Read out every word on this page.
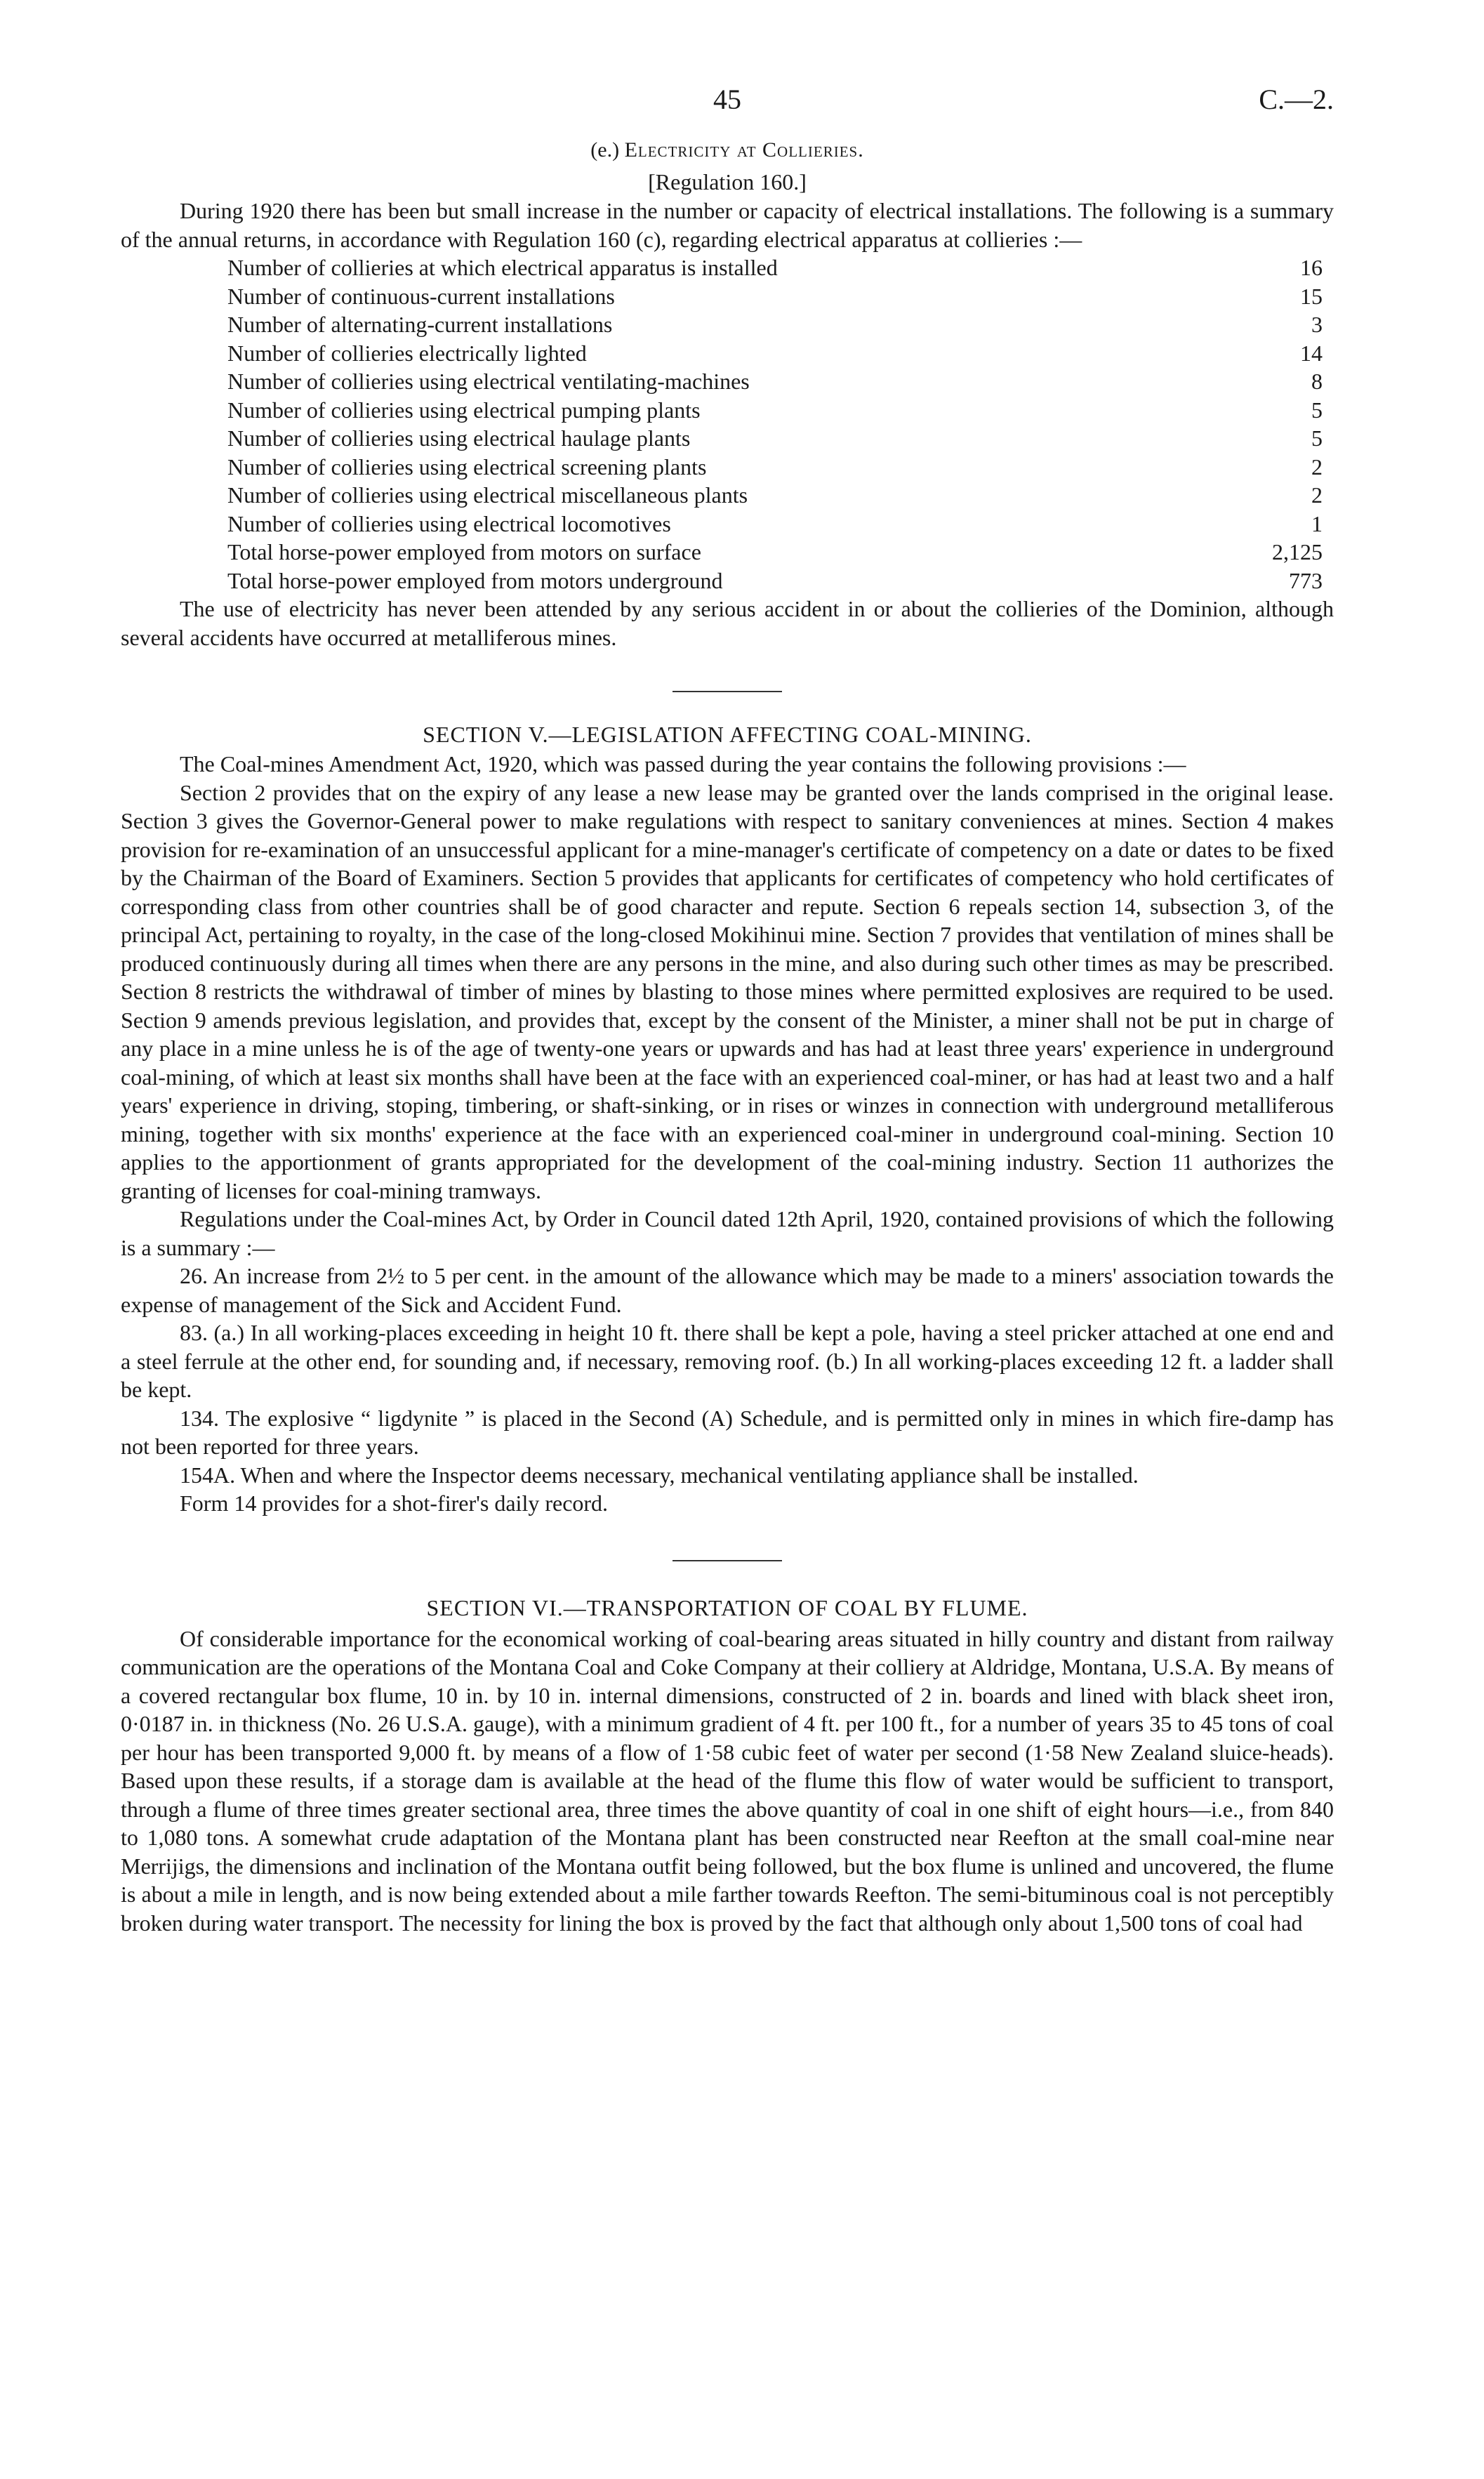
45	C.—2.
(e.) Electricity at Collieries.
[Regulation 160.]

During 1920 there has been but small increase in the number or capacity of electrical installations. The following is a summary of the annual returns, in accordance with Regulation 160 (c), regarding electrical apparatus at collieries :—

Number of collieries at which electrical apparatus is installed	16
Number of continuous-current installations	15
Number of alternating-current installations	3
Number of collieries electrically lighted	14
Number of collieries using electrical ventilating-machines	8
Number of collieries using electrical pumping plants	5
Number of collieries using electrical haulage plants	5
Number of collieries using electrical screening plants	2
Number of collieries using electrical miscellaneous plants	2
Number of collieries using electrical locomotives	1
Total horse-power employed from motors on surface	2,125
Total horse-power employed from motors underground	773

The use of electricity has never been attended by any serious accident in or about the collieries of the Dominion, although several accidents have occurred at metalliferous mines.

SECTION V.—LEGISLATION AFFECTING COAL-MINING.

The Coal-mines Amendment Act, 1920, which was passed during the year contains the following provisions :—

Section 2 provides that on the expiry of any lease a new lease may be granted over the lands comprised in the original lease. Section 3 gives the Governor-General power to make regulations with respect to sanitary conveniences at mines. Section 4 makes provision for re-examination of an unsuccessful applicant for a mine-manager's certificate of competency on a date or dates to be fixed by the Chairman of the Board of Examiners. Section 5 provides that applicants for certificates of competency who hold certificates of corresponding class from other countries shall be of good character and repute. Section 6 repeals section 14, subsection 3, of the principal Act, pertaining to royalty, in the case of the long-closed Mokihinui mine. Section 7 provides that ventilation of mines shall be produced continuously during all times when there are any persons in the mine, and also during such other times as may be prescribed. Section 8 restricts the withdrawal of timber of mines by blasting to those mines where permitted explosives are required to be used. Section 9 amends previous legislation, and provides that, except by the consent of the Minister, a miner shall not be put in charge of any place in a mine unless he is of the age of twenty-one years or upwards and has had at least three years' experience in underground coal-mining, of which at least six months shall have been at the face with an experienced coal-miner, or has had at least two and a half years' experience in driving, stoping, timbering, or shaft-sinking, or in rises or winzes in connection with underground metalliferous mining, together with six months' experience at the face with an experienced coal-miner in underground coal-mining. Section 10 applies to the apportionment of grants appropriated for the development of the coal-mining industry. Section 11 authorizes the granting of licenses for coal-mining tramways.

Regulations under the Coal-mines Act, by Order in Council dated 12th April, 1920, contained provisions of which the following is a summary :—

26. An increase from 2½ to 5 per cent. in the amount of the allowance which may be made to a miners' association towards the expense of management of the Sick and Accident Fund.

83. (a.) In all working-places exceeding in height 10 ft. there shall be kept a pole, having a steel pricker attached at one end and a steel ferrule at the other end, for sounding and, if necessary, removing roof. (b.) In all working-places exceeding 12 ft. a ladder shall be kept.

134. The explosive “ ligdynite ” is placed in the Second (A) Schedule, and is permitted only in mines in which fire-damp has not been reported for three years.

154A. When and where the Inspector deems necessary, mechanical ventilating appliance shall be installed.

Form 14 provides for a shot-firer's daily record.

SECTION VI.—TRANSPORTATION OF COAL BY FLUME.

Of considerable importance for the economical working of coal-bearing areas situated in hilly country and distant from railway communication are the operations of the Montana Coal and Coke Company at their colliery at Aldridge, Montana, U.S.A. By means of a covered rectangular box flume, 10 in. by 10 in. internal dimensions, constructed of 2 in. boards and lined with black sheet iron, 0·0187 in. in thickness (No. 26 U.S.A. gauge), with a minimum gradient of 4 ft. per 100 ft., for a number of years 35 to 45 tons of coal per hour has been transported 9,000 ft. by means of a flow of 1·58 cubic feet of water per second (1·58 New Zealand sluice-heads). Based upon these results, if a storage dam is available at the head of the flume this flow of water would be sufficient to transport, through a flume of three times greater sectional area, three times the above quantity of coal in one shift of eight hours—i.e., from 840 to 1,080 tons. A somewhat crude adaptation of the Montana plant has been constructed near Reefton at the small coal-mine near Merrijigs, the dimensions and inclination of the Montana outfit being followed, but the box flume is unlined and uncovered, the flume is about a mile in length, and is now being extended about a mile farther towards Reefton. The semi-bituminous coal is not perceptibly broken during water transport. The necessity for lining the box is proved by the fact that although only about 1,500 tons of coal had
